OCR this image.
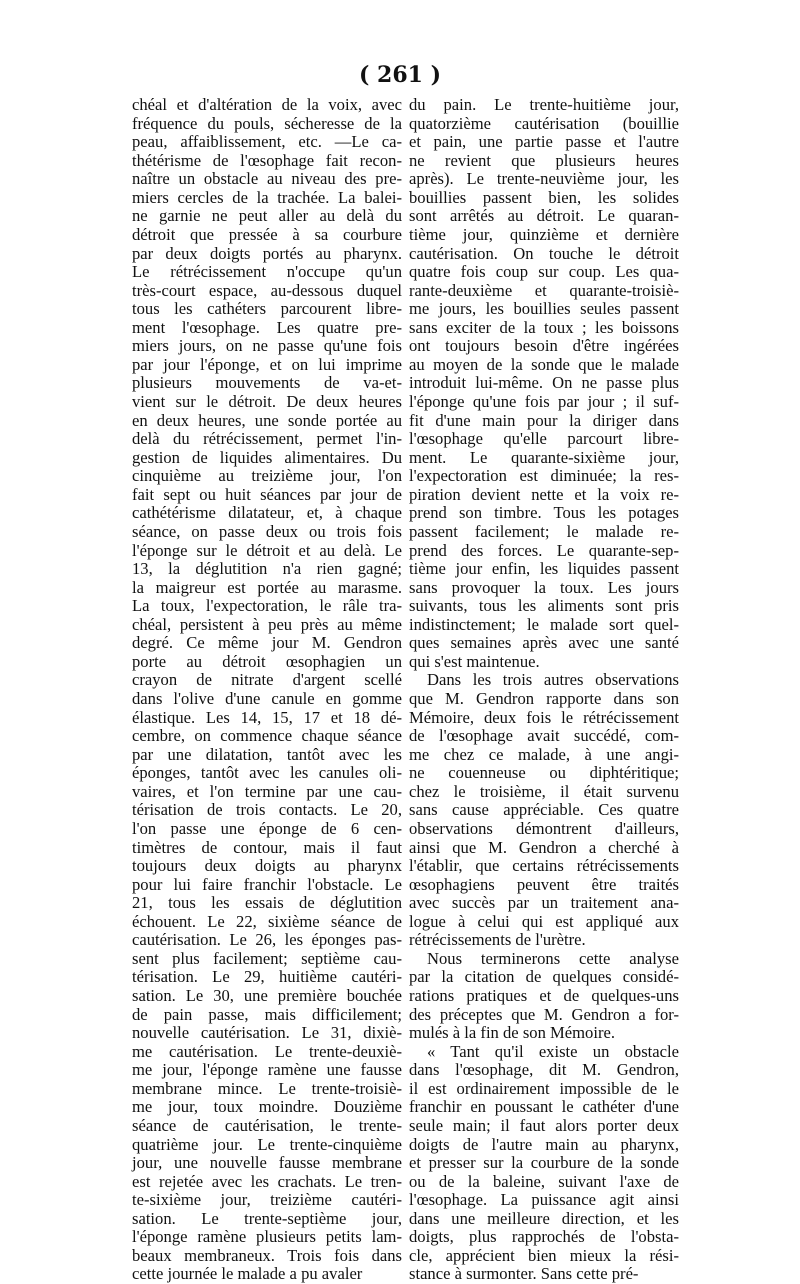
( 261 )
chéal et d'altération de la voix, avec
fréquence du pouls, sécheresse de la
peau, affaiblissement, etc. —Le ca-
thétérisme de l'œsophage fait recon-
naître un obstacle au niveau des pre-
miers cercles de la trachée. La balei-
ne garnie ne peut aller au delà du
détroit que pressée à sa courbure
par deux doigts portés au pharynx.
Le rétrécissement n'occupe qu'un
très-court espace, au-dessous duquel
tous les cathéters parcourent libre-
ment l'œsophage. Les quatre pre-
miers jours, on ne passe qu'une fois
par jour l'éponge, et on lui imprime
plusieurs mouvements de va-et-
vient sur le détroit. De deux heures
en deux heures, une sonde portée au
delà du rétrécissement, permet l'in-
gestion de liquides alimentaires. Du
cinquième au treizième jour, l'on
fait sept ou huit séances par jour de
cathétérisme dilatateur, et, à chaque
séance, on passe deux ou trois fois
l'éponge sur le détroit et au delà. Le
13, la déglutition n'a rien gagné;
la maigreur est portée au marasme.
La toux, l'expectoration, le râle tra-
chéal, persistent à peu près au même
degré. Ce même jour M. Gendron
porte au détroit œsophagien un
crayon de nitrate d'argent scellé
dans l'olive d'une canule en gomme
élastique. Les 14, 15, 17 et 18 dé-
cembre, on commence chaque séance
par une dilatation, tantôt avec les
éponges, tantôt avec les canules oli-
vaires, et l'on termine par une cau-
térisation de trois contacts. Le 20,
l'on passe une éponge de 6 cen-
timètres de contour, mais il faut
toujours deux doigts au pharynx
pour lui faire franchir l'obstacle. Le
21, tous les essais de déglutition
échouent. Le 22, sixième séance de
cautérisation. Le 26, les éponges pas-
sent plus facilement; septième cau-
térisation. Le 29, huitième cautéri-
sation. Le 30, une première bouchée
de pain passe, mais difficilement;
nouvelle cautérisation. Le 31, dixiè-
me cautérisation. Le trente-deuxiè-
me jour, l'éponge ramène une fausse
membrane mince. Le trente-troisiè-
me jour, toux moindre. Douzième
séance de cautérisation, le trente-
quatrième jour. Le trente-cinquième
jour, une nouvelle fausse membrane
est rejetée avec les crachats. Le tren-
te-sixième jour, treizième cautéri-
sation. Le trente-septième jour,
l'éponge ramène plusieurs petits lam-
beaux membraneux. Trois fois dans
cette journée le malade a pu avaler
du pain. Le trente-huitième jour,
quatorzième cautérisation (bouillie
et pain, une partie passe et l'autre
ne revient que plusieurs heures
après). Le trente-neuvième jour, les
bouillies passent bien, les solides
sont arrêtés au détroit. Le quaran-
tième jour, quinzième et dernière
cautérisation. On touche le détroit
quatre fois coup sur coup. Les qua-
rante-deuxième et quarante-troisiè-
me jours, les bouillies seules passent
sans exciter de la toux ; les boissons
ont toujours besoin d'être ingérées
au moyen de la sonde que le malade
introduit lui-même. On ne passe plus
l'éponge qu'une fois par jour ; il suf-
fit d'une main pour la diriger dans
l'œsophage qu'elle parcourt libre-
ment. Le quarante-sixième jour,
l'expectoration est diminuée; la res-
piration devient nette et la voix re-
prend son timbre. Tous les potages
passent facilement; le malade re-
prend des forces. Le quarante-sep-
tième jour enfin, les liquides passent
sans provoquer la toux. Les jours
suivants, tous les aliments sont pris
indistinctement; le malade sort quel-
ques semaines après avec une santé
qui s'est maintenue.
Dans les trois autres observations
que M. Gendron rapporte dans son
Mémoire, deux fois le rétrécissement
de l'œsophage avait succédé, com-
me chez ce malade, à une angi-
ne couenneuse ou diphtéritique;
chez le troisième, il était survenu
sans cause appréciable. Ces quatre
observations démontrent d'ailleurs,
ainsi que M. Gendron a cherché à
l'établir, que certains rétrécissements
œsophagiens peuvent être traités
avec succès par un traitement ana-
logue à celui qui est appliqué aux
rétrécissements de l'urètre.
Nous terminerons cette analyse
par la citation de quelques considé-
rations pratiques et de quelques-uns
des préceptes que M. Gendron a for-
mulés à la fin de son Mémoire.
« Tant qu'il existe un obstacle
dans l'œsophage, dit M. Gendron,
il est ordinairement impossible de le
franchir en poussant le cathéter d'une
seule main; il faut alors porter deux
doigts de l'autre main au pharynx,
et presser sur la courbure de la sonde
ou de la baleine, suivant l'axe de
l'œsophage. La puissance agit ainsi
dans une meilleure direction, et les
doigts, plus rapprochés de l'obsta-
cle, apprécient bien mieux la rési-
stance à surmonter. Sans cette pré-
